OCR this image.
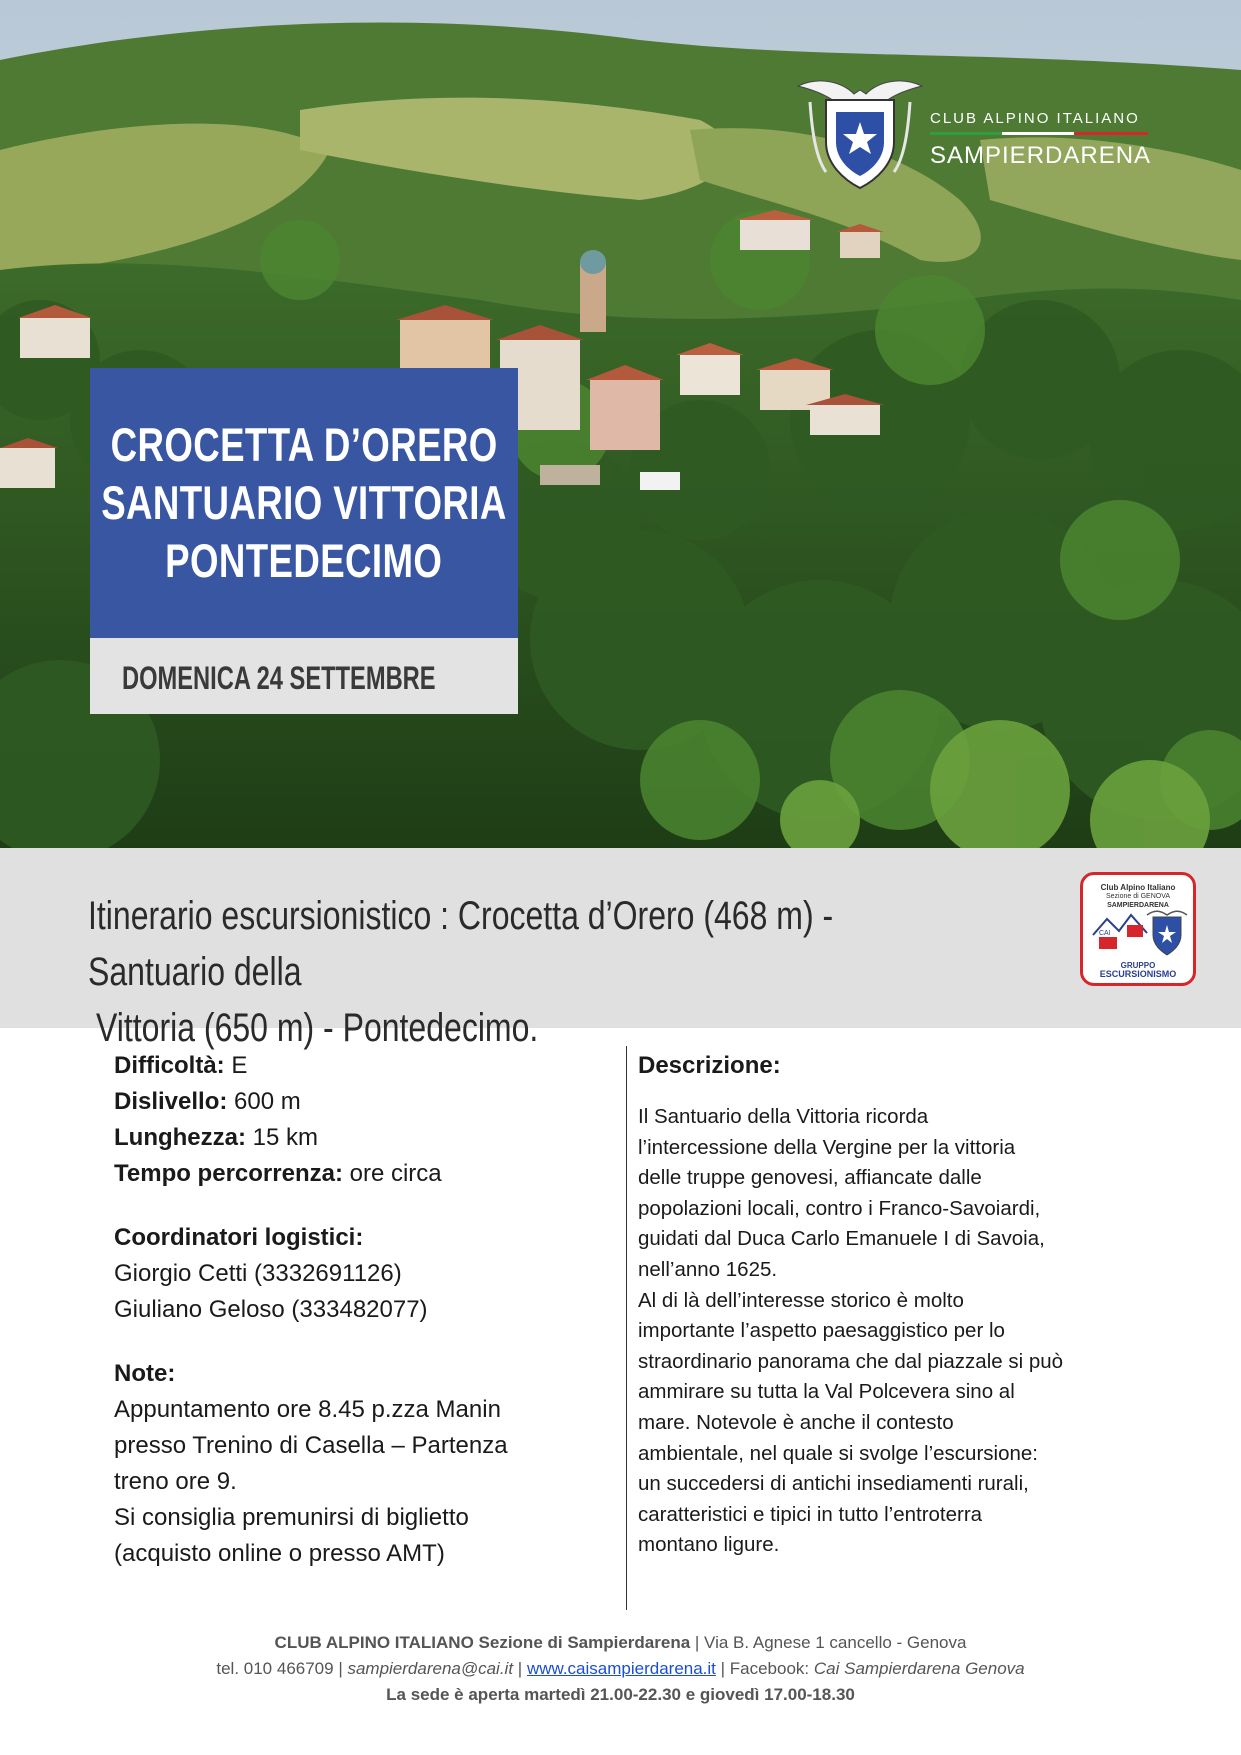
CLUB ALPINO ITALIANO
SAMPIERDARENA
CROCETTA D’ORERO
SANTUARIO VITTORIA
PONTEDECIMO
DOMENICA 24 SETTEMBRE
Itinerario escursionistico : Crocetta d’Orero (468 m) - Santuario della
Vittoria (650 m) - Pontedecimo.
Club Alpino Italiano
Sezione di GENOVA
SAMPIERDARENA
CAI
GRUPPO
ESCURSIONISMO
Difficoltà: E
Dislivello: 600 m
Lunghezza: 15 km
Tempo percorrenza: ore circa
Coordinatori logistici:
Giorgio Cetti (3332691126)
Giuliano Geloso (333482077)
Note:
Appuntamento ore 8.45 p.zza Manin
presso Trenino di Casella – Partenza
treno ore 9.
Si consiglia premunirsi di biglietto
(acquisto online o presso AMT)
Descrizione:
Il Santuario della Vittoria ricorda
l’intercessione della Vergine per la vittoria
delle truppe genovesi, affiancate dalle
popolazioni locali, contro i Franco-Savoiardi,
guidati dal Duca Carlo Emanuele I di Savoia,
nell’anno 1625.
Al di là dell’interesse storico è molto
importante l’aspetto paesaggistico per lo
straordinario panorama che dal piazzale si può
ammirare su tutta la Val Polcevera sino al
mare. Notevole è anche il contesto
ambientale, nel quale si svolge l’escursione:
un succedersi di antichi insediamenti rurali,
caratteristici e tipici in tutto l’entroterra
montano ligure.
CLUB ALPINO ITALIANO Sezione di Sampierdarena | Via B. Agnese 1 cancello - Genova
tel. 010 466709 | sampierdarena@cai.it | www.caisampierdarena.it | Facebook: Cai Sampierdarena Genova
La sede è aperta martedì 21.00-22.30 e giovedì 17.00-18.30
